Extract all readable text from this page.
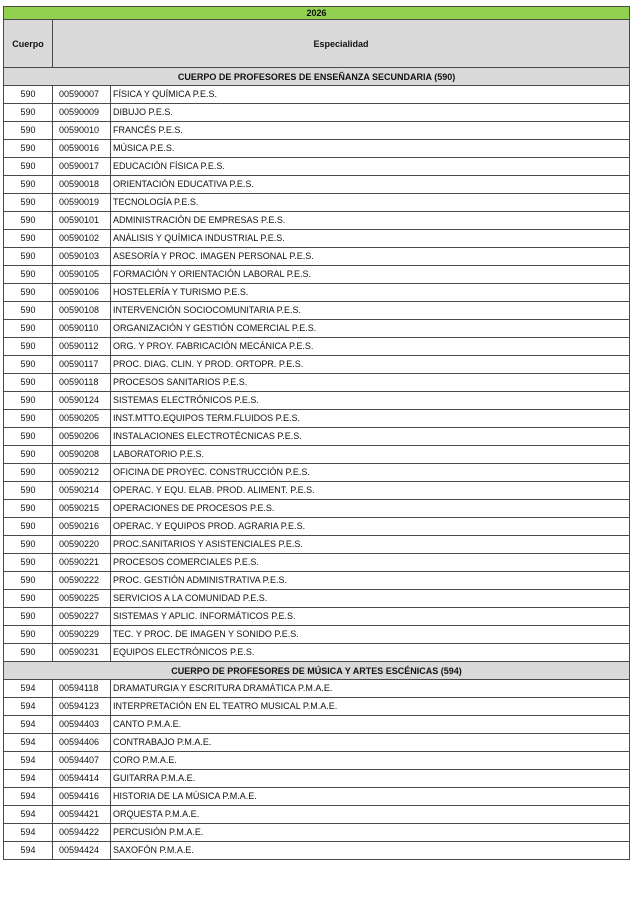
2026		
Cuerpo	Especialidad	
CUERPO DE PROFESORES DE ENSEÑANZA SECUNDARIA (590)		
590	00590007	FÍSICA Y QUÍMICA P.E.S.
590	00590009	DIBUJO P.E.S.
590	00590010	FRANCÉS P.E.S.
590	00590016	MÚSICA P.E.S.
590	00590017	EDUCACIÓN FÍSICA P.E.S.
590	00590018	ORIENTACIÓN EDUCATIVA P.E.S.
590	00590019	TECNOLOGÍA P.E.S.
590	00590101	ADMINISTRACIÓN DE EMPRESAS P.E.S.
590	00590102	ANÁLISIS Y QUÍMICA INDUSTRIAL P.E.S.
590	00590103	ASESORÍA Y PROC. IMAGEN PERSONAL P.E.S.
590	00590105	FORMACIÓN Y ORIENTACIÓN LABORAL P.E.S.
590	00590106	HOSTELERÍA Y TURISMO P.E.S.
590	00590108	INTERVENCIÓN SOCIOCOMUNITARIA P.E.S.
590	00590110	ORGANIZACIÓN Y GESTIÓN COMERCIAL P.E.S.
590	00590112	ORG. Y PROY. FABRICACIÓN MECÁNICA P.E.S.
590	00590117	PROC. DIAG. CLIN. Y PROD. ORTOPR. P.E.S.
590	00590118	PROCESOS SANITARIOS P.E.S.
590	00590124	SISTEMAS ELECTRÓNICOS P.E.S.
590	00590205	INST.MTTO.EQUIPOS TERM.FLUIDOS P.E.S.
590	00590206	INSTALACIONES ELECTROTÉCNICAS P.E.S.
590	00590208	LABORATORIO P.E.S.
590	00590212	OFICINA DE PROYEC. CONSTRUCCIÓN P.E.S.
590	00590214	OPERAC. Y EQU. ELAB. PROD. ALIMENT. P.E.S.
590	00590215	OPERACIONES DE PROCESOS P.E.S.
590	00590216	OPERAC. Y EQUIPOS PROD. AGRARIA P.E.S.
590	00590220	PROC.SANITARIOS Y ASISTENCIALES P.E.S.
590	00590221	PROCESOS COMERCIALES P.E.S.
590	00590222	PROC. GESTIÓN ADMINISTRATIVA P.E.S.
590	00590225	SERVICIOS A LA COMUNIDAD P.E.S.
590	00590227	SISTEMAS Y APLIC. INFORMÁTICOS P.E.S.
590	00590229	TEC. Y PROC. DE IMAGEN Y SONIDO P.E.S.
590	00590231	EQUIPOS ELECTRÓNICOS P.E.S.
CUERPO DE PROFESORES DE MÚSICA Y ARTES ESCÉNICAS (594)		
594	00594118	DRAMATURGIA Y ESCRITURA DRAMÁTICA P.M.A.E.
594	00594123	INTERPRETACIÓN EN EL TEATRO MUSICAL P.M.A.E.
594	00594403	CANTO P.M.A.E.
594	00594406	CONTRABAJO P.M.A.E.
594	00594407	CORO P.M.A.E.
594	00594414	GUITARRA P.M.A.E.
594	00594416	HISTORIA DE LA MÚSICA P.M.A.E.
594	00594421	ORQUESTA P.M.A.E.
594	00594422	PERCUSIÓN P.M.A.E.
594	00594424	SAXOFÓN P.M.A.E.
